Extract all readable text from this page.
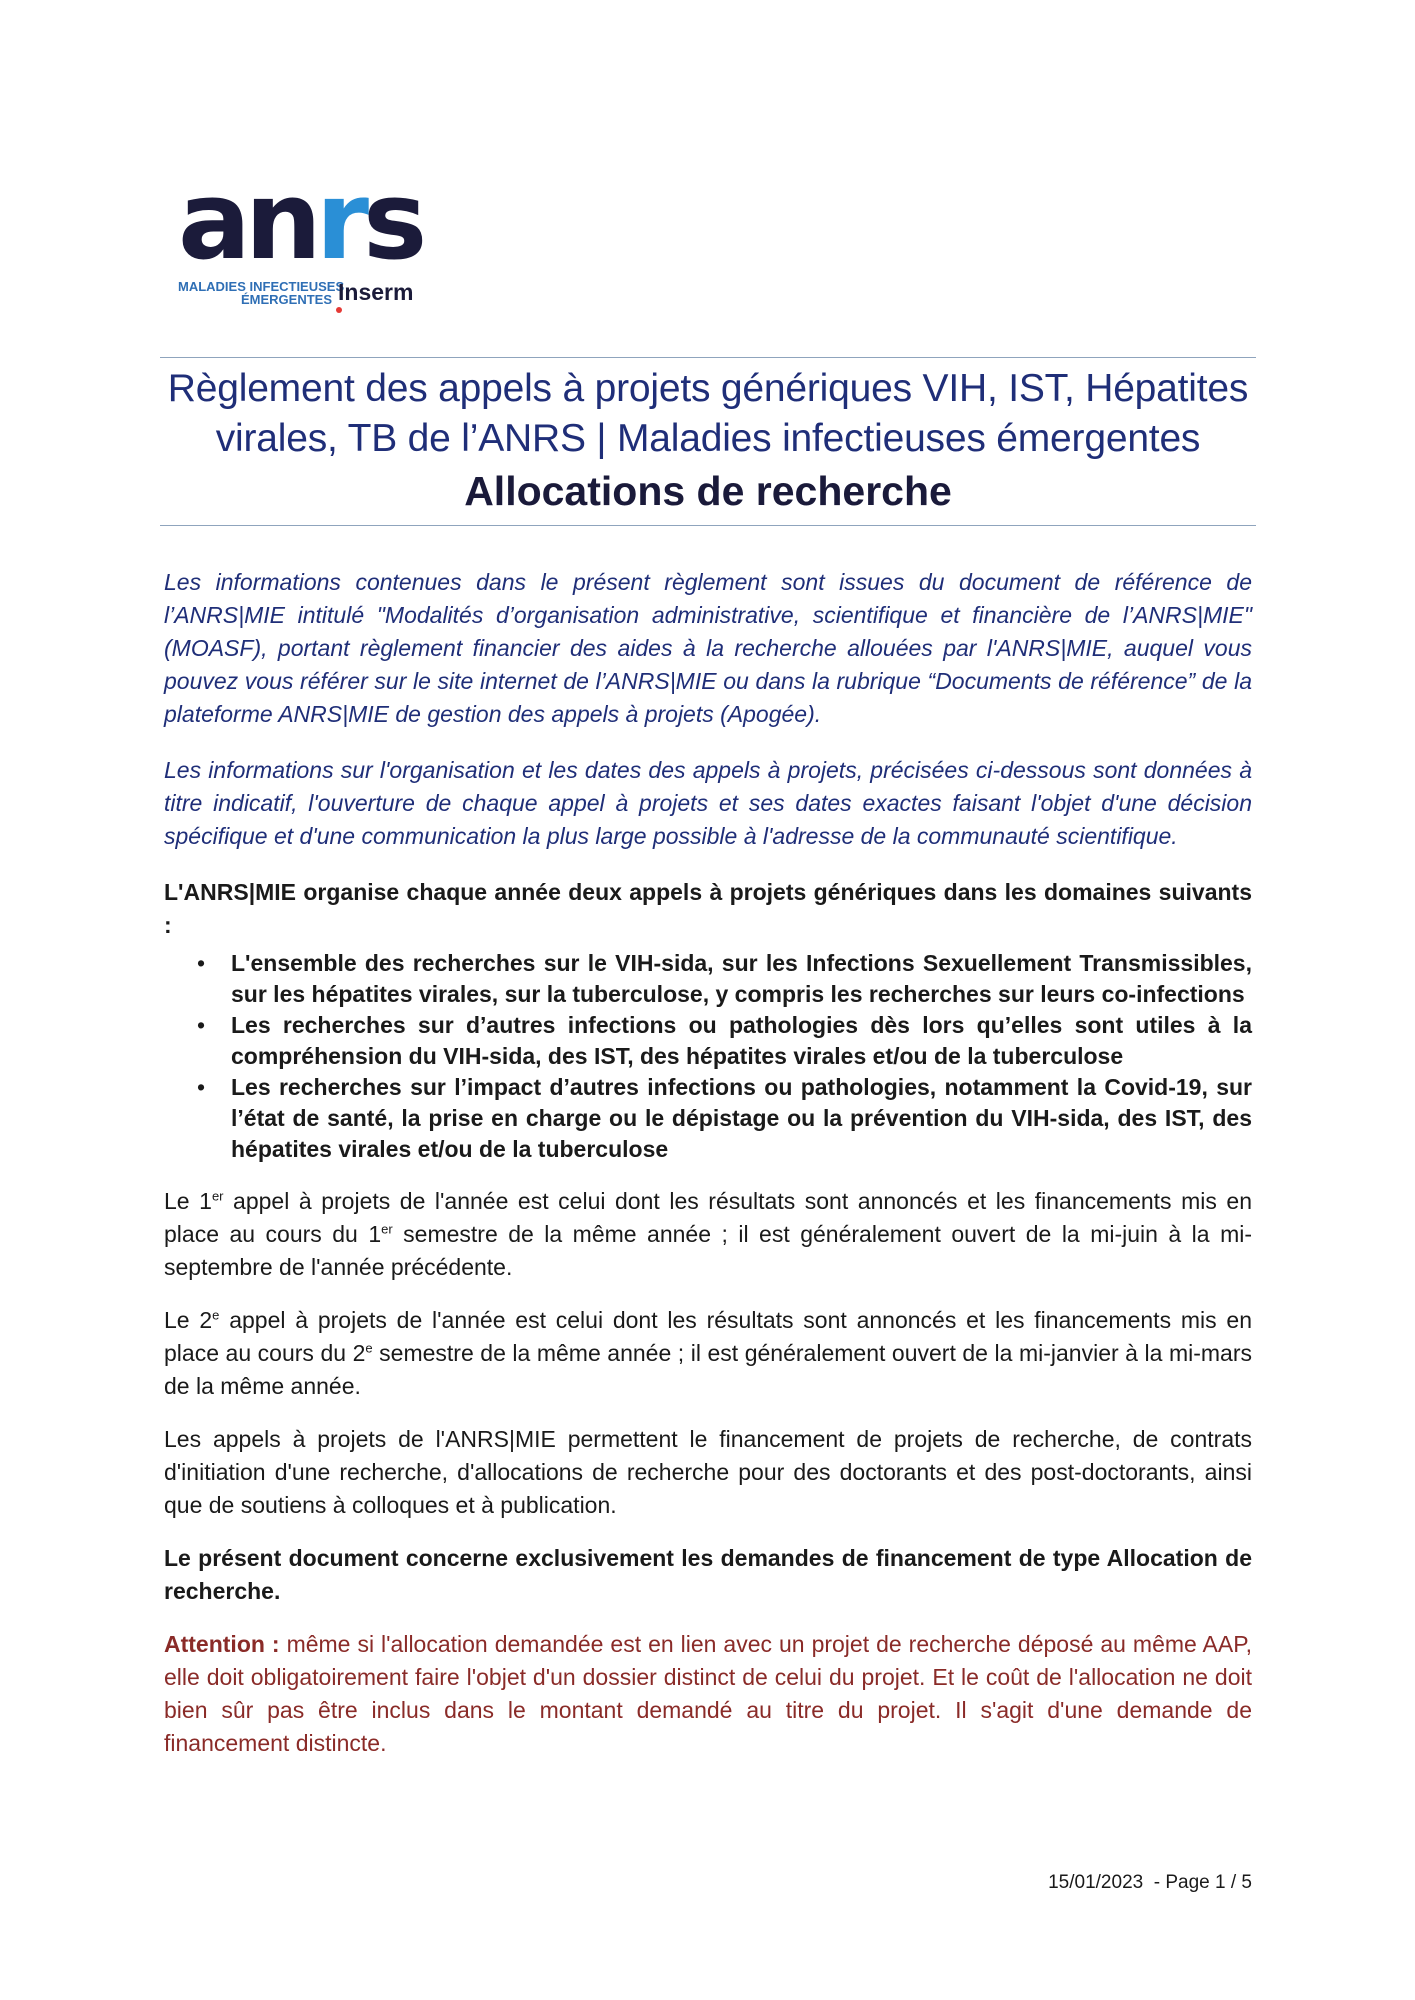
anrs
MALADIES INFECTIEUSES
ÉMERGENTES Inserm
Règlement des appels à projets génériques VIH, IST, Hépatites
virales, TB de l’ANRS | Maladies infectieuses émergentes
Allocations de recherche

Les informations contenues dans le présent règlement sont issues du document de référence de l’ANRS|MIE intitulé "Modalités d’organisation administrative, scientifique et financière de l’ANRS|MIE" (MOASF), portant règlement financier des aides à la recherche allouées par l'ANRS|MIE, auquel vous pouvez vous référer sur le site internet de l’ANRS|MIE ou dans la rubrique “Documents de référence” de la plateforme ANRS|MIE de gestion des appels à projets (Apogée).

Les informations sur l'organisation et les dates des appels à projets, précisées ci-dessous sont données à titre indicatif, l'ouverture de chaque appel à projets et ses dates exactes faisant l'objet d'une décision spécifique et d'une communication la plus large possible à l'adresse de la communauté scientifique.

L'ANRS|MIE organise chaque année deux appels à projets génériques dans les domaines suivants :

• L'ensemble des recherches sur le VIH-sida, sur les Infections Sexuellement Transmissibles, sur les hépatites virales, sur la tuberculose, y compris les recherches sur leurs co-infections
• Les recherches sur d’autres infections ou pathologies dès lors qu’elles sont utiles à la compréhension du VIH-sida, des IST, des hépatites virales et/ou de la tuberculose
• Les recherches sur l’impact d’autres infections ou pathologies, notamment la Covid-19, sur l’état de santé, la prise en charge ou le dépistage ou la prévention du VIH-sida, des IST, des hépatites virales et/ou de la tuberculose

Le 1er appel à projets de l'année est celui dont les résultats sont annoncés et les financements mis en place au cours du 1er semestre de la même année ; il est généralement ouvert de la mi-juin à la mi-septembre de l'année précédente.

Le 2e appel à projets de l'année est celui dont les résultats sont annoncés et les financements mis en place au cours du 2e semestre de la même année ; il est généralement ouvert de la mi-janvier à la mi-mars de la même année.

Les appels à projets de l'ANRS|MIE permettent le financement de projets de recherche, de contrats d'initiation d'une recherche, d'allocations de recherche pour des doctorants et des post-doctorants, ainsi que de soutiens à colloques et à publication.

Le présent document concerne exclusivement les demandes de financement de type Allocation de recherche.

Attention : même si l'allocation demandée est en lien avec un projet de recherche déposé au même AAP, elle doit obligatoirement faire l'objet d'un dossier distinct de celui du projet. Et le coût de l'allocation ne doit bien sûr pas être inclus dans le montant demandé au titre du projet. Il s'agit d'une demande de financement distincte.

15/01/2023  - Page 1 / 5
